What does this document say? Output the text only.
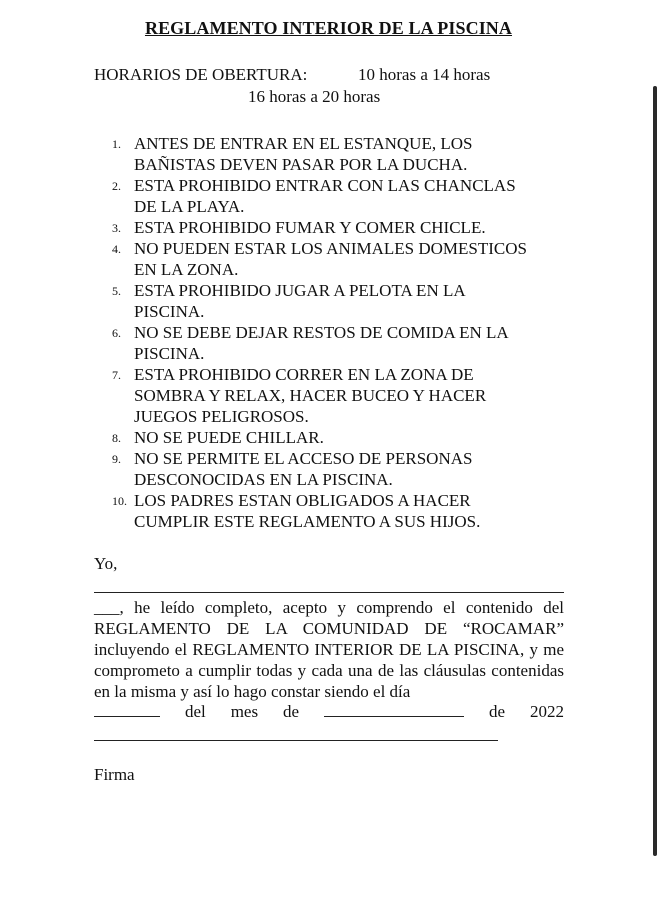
REGLAMENTO INTERIOR DE LA PISCINA
HORARIOS DE OBERTURA:	10 horas a 14 horas
16 horas a 20 horas
1. ANTES DE ENTRAR EN EL ESTANQUE, LOS
BAÑISTAS DEVEN PASAR POR LA DUCHA.
2. ESTA PROHIBIDO ENTRAR CON LAS CHANCLAS
DE LA PLAYA.
3. ESTA PROHIBIDO FUMAR Y COMER CHICLE.
4. NO PUEDEN ESTAR LOS ANIMALES DOMESTICOS
EN LA ZONA.
5. ESTA PROHIBIDO JUGAR A PELOTA EN LA
PISCINA.
6. NO SE DEBE DEJAR RESTOS DE COMIDA EN LA
PISCINA.
7. ESTA PROHIBIDO CORRER EN LA ZONA DE
SOMBRA Y RELAX, HACER BUCEO Y HACER
JUEGOS PELIGROSOS.
8. NO SE PUEDE CHILLAR.
9. NO SE PERMITE EL ACCESO DE PERSONAS
DESCONOCIDAS EN LA PISCINA.
10. LOS PADRES ESTAN OBLIGADOS A HACER
CUMPLIR ESTE REGLAMENTO A SUS HIJOS.
Yo,

___, he leído completo, acepto y comprendo el contenido del REGLAMENTO DE LA COMUNIDAD DE “ROCAMAR” incluyendo el REGLAMENTO INTERIOR DE LA PISCINA, y me comprometo a cumplir todas y cada una de las cláusulas contenidas en la misma y así lo hago constar siendo el día

del mes de	de 2022
Firma
